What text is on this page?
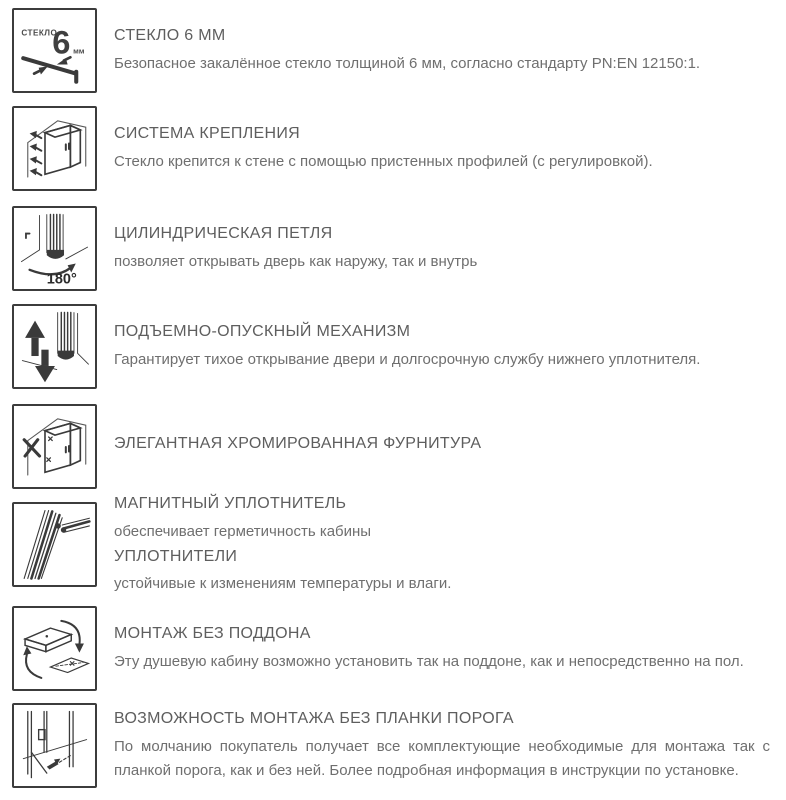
СТЕКЛО
6 мм
СТЕКЛО 6 ММ

Безопасное закалённое стекло толщиной 6 мм, согласно стандарту PN:EN 12150:1.

СИСТЕМА КРЕПЛЕНИЯ

Стекло крепится к стене с помощью пристенных профилей (с регулировкой).

180°
ЦИЛИНДРИЧЕСКАЯ ПЕТЛЯ

позволяет открывать дверь как наружу, так и внутрь

ПОДЪЕМНО-ОПУСКНЫЙ МЕХАНИЗМ

Гарантирует тихое открывание двери и долгосрочную службу нижнего уплотнителя.

ЭЛЕГАНТНАЯ ХРОМИРОВАННАЯ ФУРНИТУРА
МАГНИТНЫЙ УПЛОТНИТЕЛЬ

обеспечивает герметичность кабины

УПЛОТНИТЕЛИ

устойчивые к изменениям температуры и влаги.

МОНТАЖ БЕЗ ПОДДОНА

Эту душевую кабину возможно установить так на поддоне, как и непосредственно на пол.

ВОЗМОЖНОСТЬ МОНТАЖА БЕЗ ПЛАНКИ ПОРОГА

По молчанию покупатель получает все комплектующие необходимые для монтажа так с планкой порога, как и без ней. Более подробная информация в инструкции по установке.
